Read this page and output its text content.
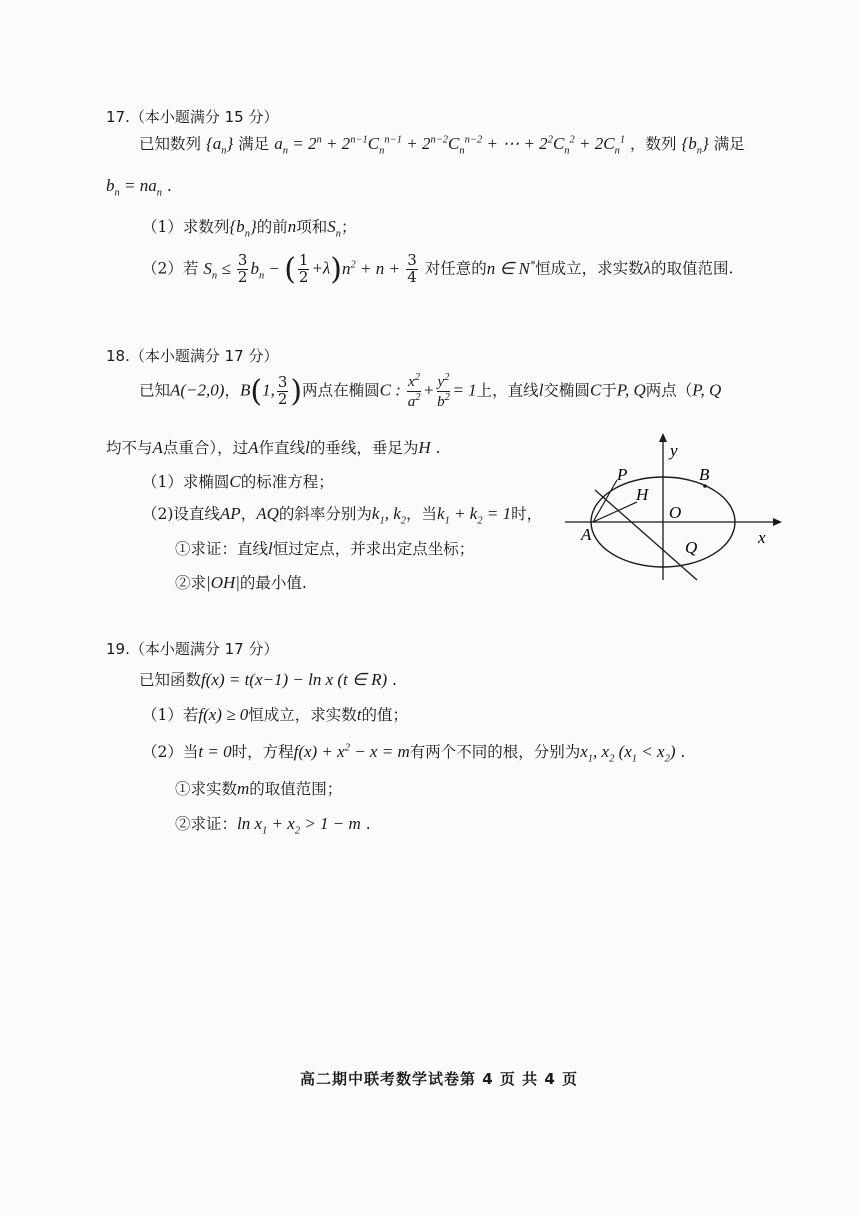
17.（本小题满分 15 分）
已知数列 $\{a_n\}$ 满足 $a_n = 2^n + 2^{n-1}C_n^{n-1} + 2^{n-2}C_n^{n-2}$ + ⋯ + $2^2C_n^2 + 2C_n^1$ ，数列 $\{b_n\}$ 满足
$b_n = na_n$ .
（1）求数列$\{b_n\}$的前n项和$S_n$；
（2）若 $S_n \le \frac{3}{2} b_n$ − ( $\frac{1}{2} +\lambda)n^2 + n + \frac{3}{4}$ 对任意的n ∈ N*恒成立，求实数λ的取值范围.
18.（本小题满分 17 分）
已知A(−2,0)，B(1, $\frac{3}{2}$ )两点在椭圆C : $\frac{x^2}{a^2} + \frac{y^2}{b^2} = 1$上，直线l交椭圆C于P, Q两点（P, Q
均不与A点重合），过A作直线l的垂线，垂足为H .
（1）求椭圆C的标准方程；
（2)设直线AP，AQ的斜率分别为$k_1$, $k_2$，当$k_1 + k_2 = 1$时，
①求证：直线l恒过定点，并求出定点坐标；
②求|OH|的最小值.
y
x
P	B
H
O
A
Q
19.（本小题满分 17 分）
已知函数f(x) = t(x−1) − ln x (t ∈ R) .
（1）若f(x) ≥ 0恒成立，求实数t的值；
（2）当t = 0时，方程$f(x) + x^2 - x = m$有两个不同的根，分别为$x_1$, $x_2$ $(x_1 < x_2)$ .
①求实数m的取值范围；
②求证：$\ln x_1 + x_2 > 1 - m$ .
高二期中联考数学试卷第 4 页 共 4 页
